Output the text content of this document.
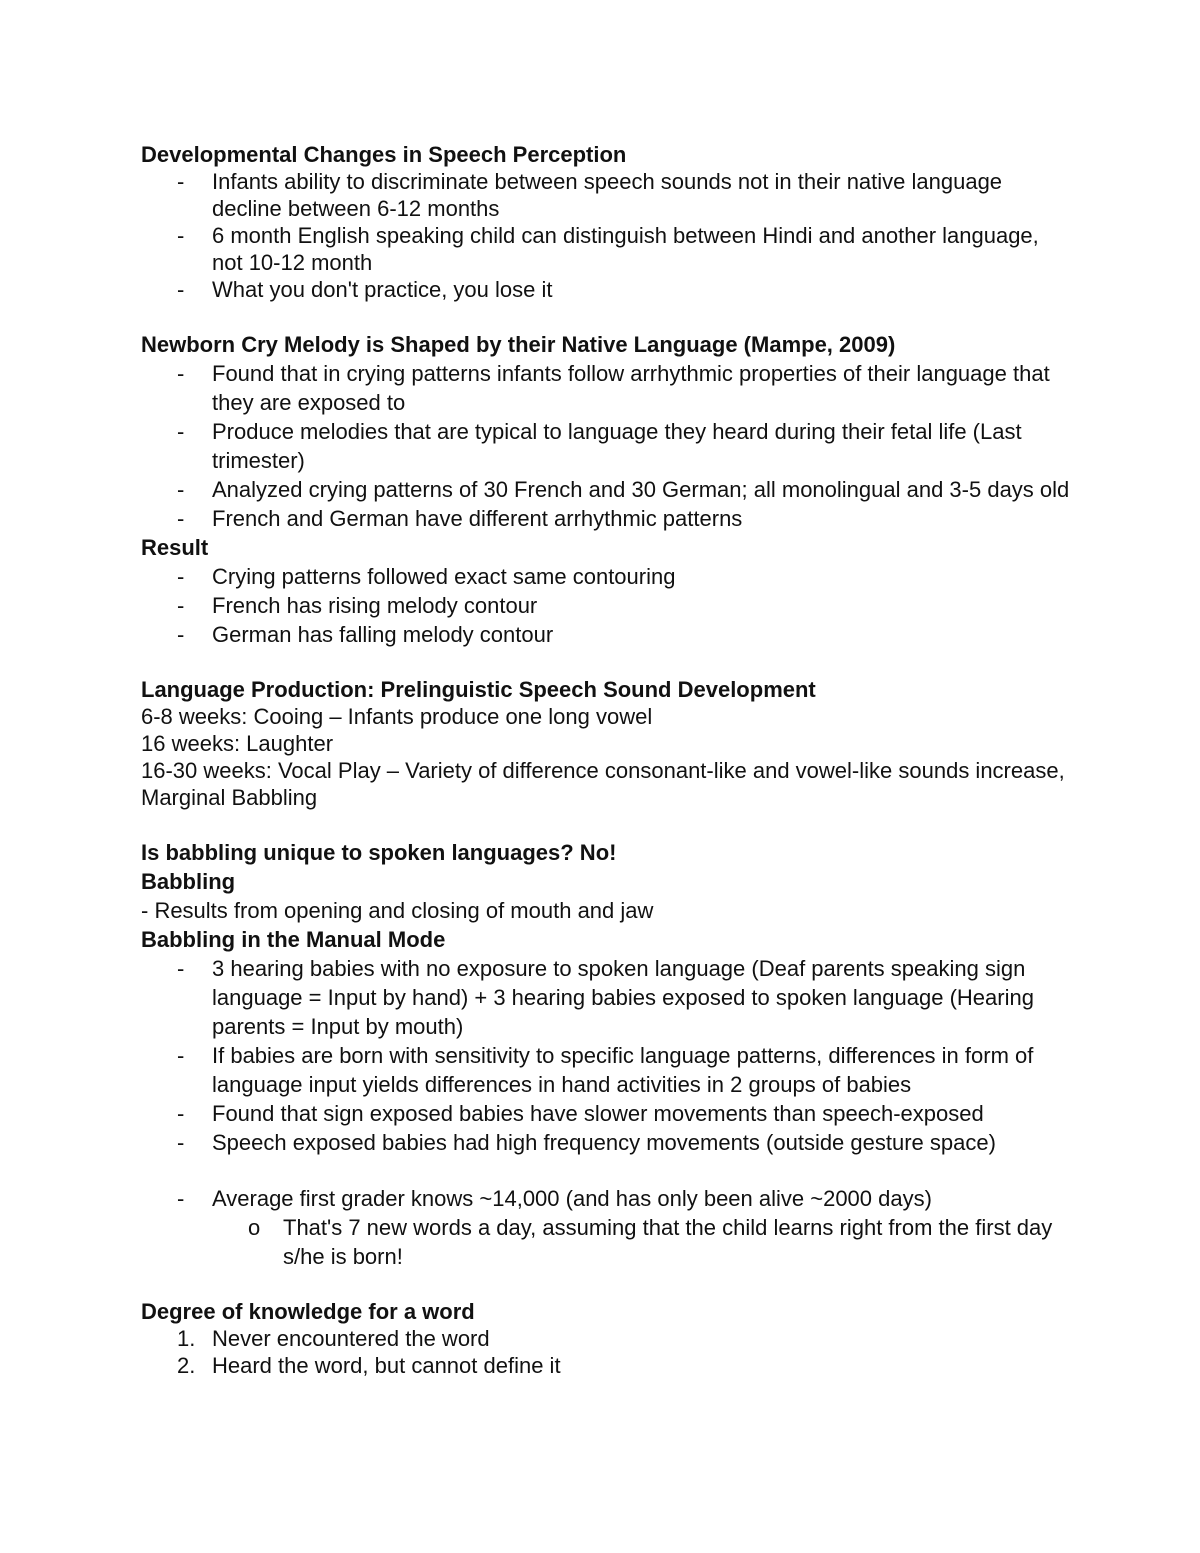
Developmental Changes in Speech Perception

- Infants ability to discriminate between speech sounds not in their native language decline between 6-12 months
- 6 month English speaking child can distinguish between Hindi and another language, not 10-12 month
- What you don't practice, you lose it

Newborn Cry Melody is Shaped by their Native Language (Mampe, 2009)

- Found that in crying patterns infants follow arrhythmic properties of their language that they are exposed to
- Produce melodies that are typical to language they heard during their fetal life (Last trimester)
- Analyzed crying patterns of 30 French and 30 German; all monolingual and 3-5 days old
- French and German have different arrhythmic patterns

Result

- Crying patterns followed exact same contouring
- French has rising melody contour
- German has falling melody contour

Language Production: Prelinguistic Speech Sound Development

6-8 weeks: Cooing – Infants produce one long vowel

16 weeks: Laughter

16-30 weeks: Vocal Play – Variety of difference consonant-like and vowel-like sounds increase, Marginal Babbling

Is babbling unique to spoken languages? No!

Babbling

- Results from opening and closing of mouth and jaw

Babbling in the Manual Mode

- 3 hearing babies with no exposure to spoken language (Deaf parents speaking sign language = Input by hand) + 3 hearing babies exposed to spoken language (Hearing parents = Input by mouth)
- If babies are born with sensitivity to specific language patterns, differences in form of language input yields differences in hand activities in 2 groups of babies
- Found that sign exposed babies have slower movements than speech-exposed
- Speech exposed babies had high frequency movements (outside gesture space)
- Average first grader knows ~14,000 (and has only been alive ~2000 days)
o That's 7 new words a day, assuming that the child learns right from the first day s/he is born!

Degree of knowledge for a word

1. Never encountered the word
2. Heard the word, but cannot define it
